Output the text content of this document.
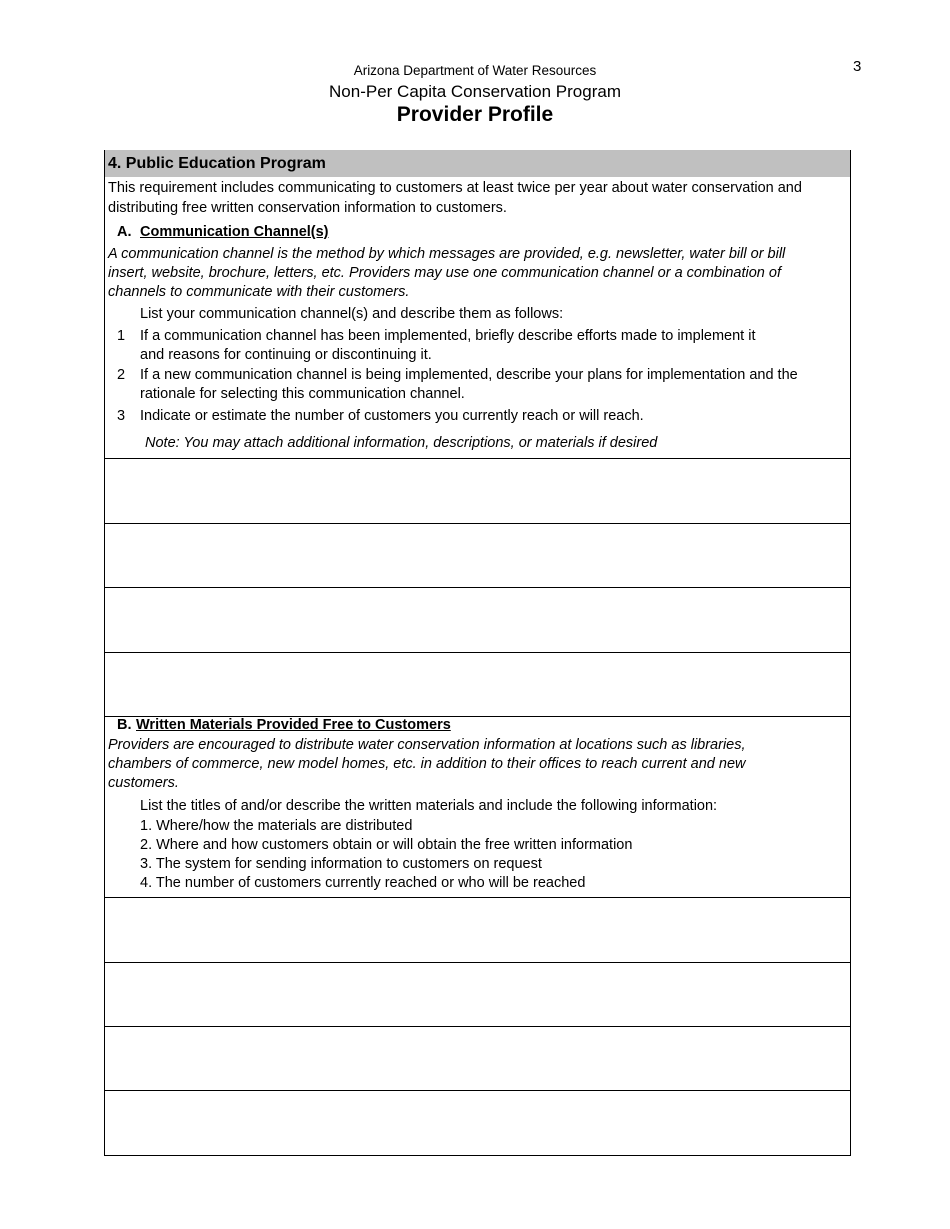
3
Arizona Department of Water Resources
Non-Per Capita Conservation Program
Provider Profile
4. Public Education Program
This requirement includes communicating to customers at least twice per year about water conservation and
distributing free written conservation information to customers.
A. Communication Channel(s)
A communication channel is the method by which messages are provided, e.g. newsletter, water bill or bill
insert, website, brochure, letters, etc. Providers may use one communication channel or a combination of
channels to communicate with their customers.
List your communication channel(s) and describe them as follows:
1 If a communication channel has been implemented, briefly describe efforts made to implement it
and reasons for continuing or discontinuing it.
2 If a new communication channel is being implemented, describe your plans for implementation and the
rationale for selecting this communication channel.
3 Indicate or estimate the number of customers you currently reach or will reach.
Note: You may attach additional information, descriptions, or materials if desired
B. Written Materials Provided Free to Customers
Providers are encouraged to distribute water conservation information at locations such as libraries,
chambers of commerce, new model homes, etc. in addition to their offices to reach current and new
customers.
List the titles of and/or describe the written materials and include the following information:
1. Where/how the materials are distributed
2. Where and how customers obtain or will obtain the free written information
3. The system for sending information to customers on request
4. The number of customers currently reached or who will be reached
